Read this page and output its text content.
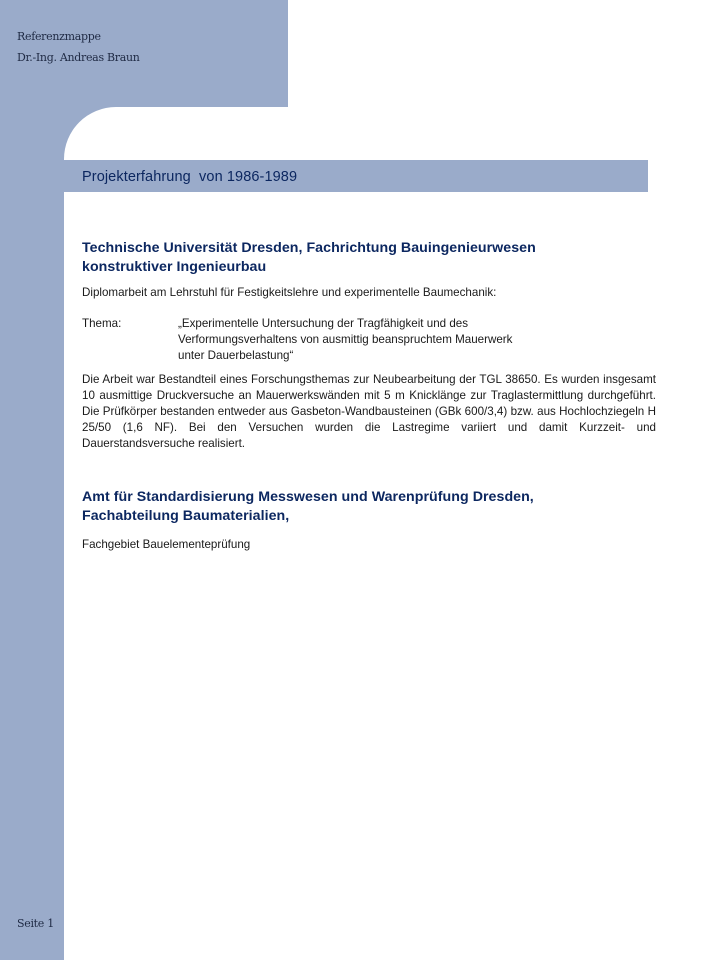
Referenzmappe
Dr.-Ing. Andreas Braun
Projekterfahrung  von 1986-1989
Technische Universität Dresden, Fachrichtung Bauingenieurwesen
konstruktiver Ingenieurbau
Diplomarbeit am Lehrstuhl für Festigkeitslehre und experimentelle Baumechanik:
Thema:	„Experimentelle Untersuchung der Tragfähigkeit und des
Verformungsverhaltens von ausmittig beanspruchtem Mauerwerk
unter Dauerbelastung“
Die Arbeit war Bestandteil eines Forschungsthemas zur Neubearbeitung der TGL 38650. Es wurden insgesamt 10 ausmittige Druckversuche an Mauerwerkswänden mit 5 m Knicklänge zur Traglastermittlung durchgeführt. Die Prüfkörper bestanden entweder aus Gasbeton-Wandbausteinen (GBk 600/3,4) bzw. aus Hochlochziegeln H 25/50 (1,6 NF). Bei den Versuchen wurden die Lastregime variiert und damit Kurzzeit- und Dauerstandsversuche realisiert.
Amt für Standardisierung Messwesen und Warenprüfung Dresden,
Fachabteilung Baumaterialien,
Fachgebiet Bauelementeprüfung
Seite 1
